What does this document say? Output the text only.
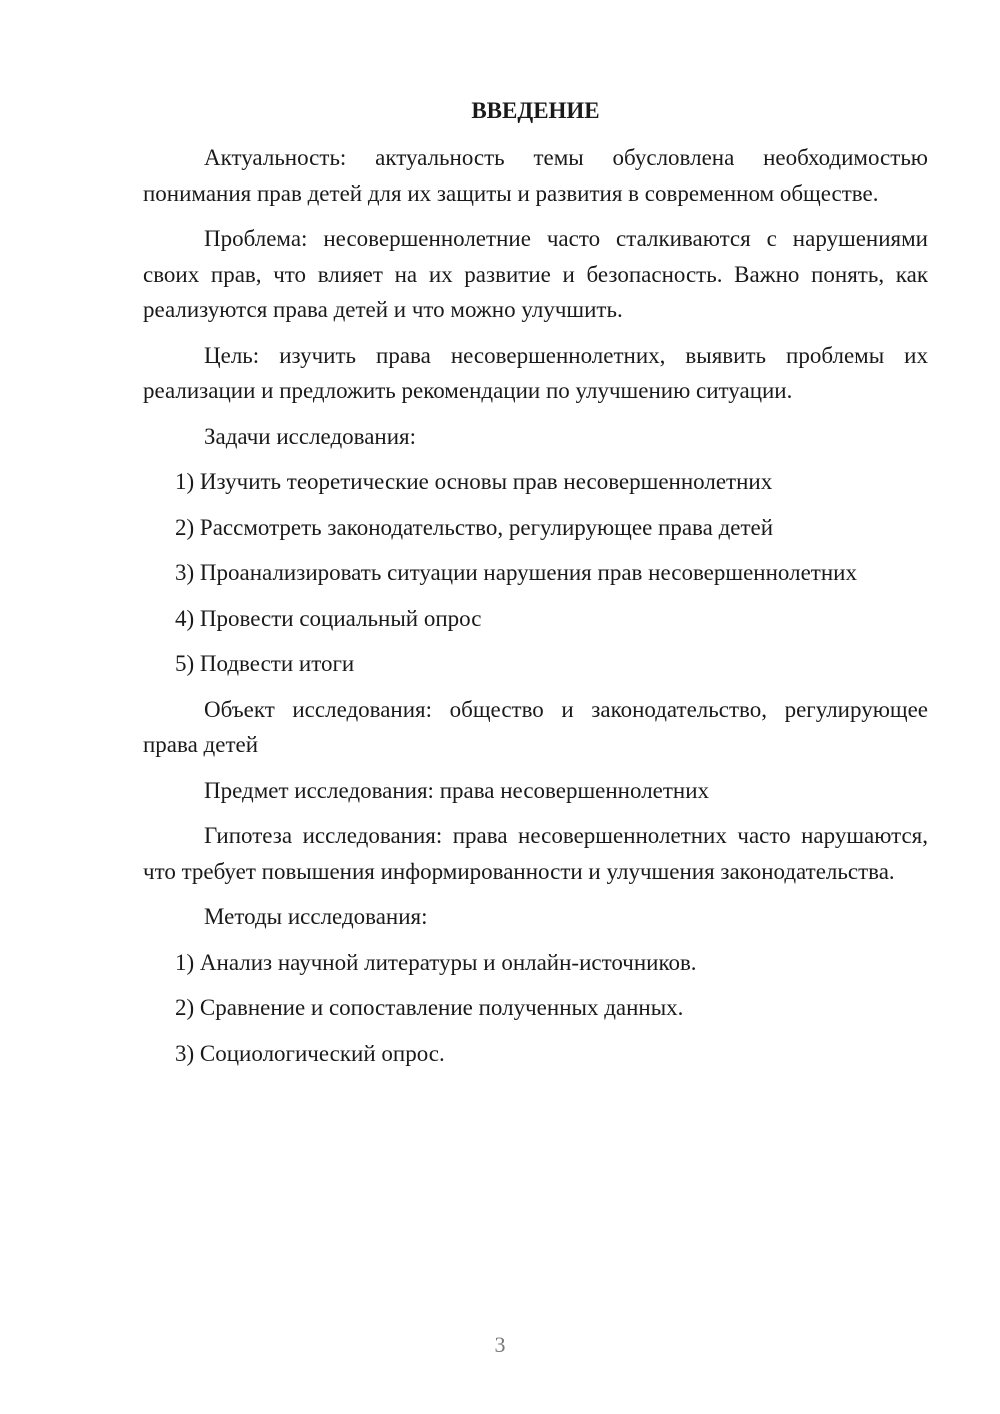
ВВЕДЕНИЕ

Актуальность: актуальность темы обусловлена необходимостью понимания прав детей для их защиты и развития в современном обществе.

Проблема: несовершеннолетние часто сталкиваются с нарушениями своих прав, что влияет на их развитие и безопасность. Важно понять, как реализуются права детей и что можно улучшить.

Цель: изучить права несовершеннолетних, выявить проблемы их реализации и предложить рекомендации по улучшению ситуации.

Задачи исследования:

1) Изучить теоретические основы прав несовершеннолетних
2) Рассмотреть законодательство, регулирующее права детей
3) Проанализировать ситуации нарушения прав несовершеннолетних
4) Провести социальный опрос
5) Подвести итоги

Объект исследования: общество и законодательство, регулирующее права детей

Предмет исследования: права несовершеннолетних

Гипотеза исследования: права несовершеннолетних часто нарушаются, что требует повышения информированности и улучшения законодательства.

Методы исследования:

1) Анализ научной литературы и онлайн-источников.
2) Сравнение и сопоставление полученных данных.
3) Социологический опрос.
3
